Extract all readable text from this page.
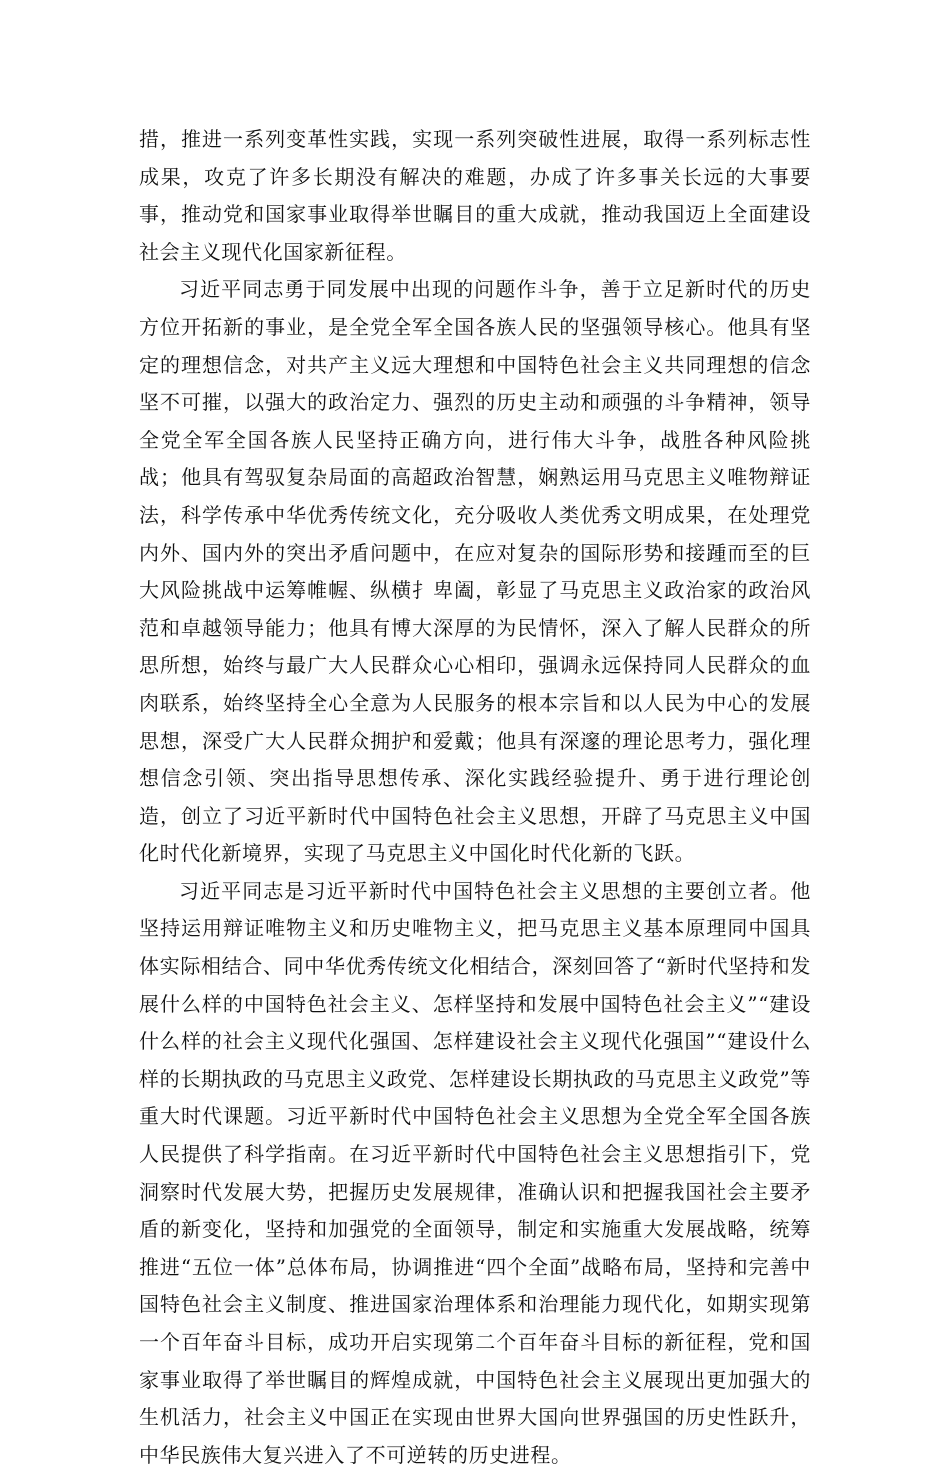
措，推进一系列变革性实践，实现一系列突破性进展，取得一系列标志性成果，攻克了许多长期没有解决的难题，办成了许多事关长远的大事要事，推动党和国家事业取得举世瞩目的重大成就，推动我国迈上全面建设社会主义现代化国家新征程。

习近平同志勇于同发展中出现的问题作斗争，善于立足新时代的历史方位开拓新的事业，是全党全军全国各族人民的坚强领导核心。他具有坚定的理想信念，对共产主义远大理想和中国特色社会主义共同理想的信念坚不可摧，以强大的政治定力、强烈的历史主动和顽强的斗争精神，领导全党全军全国各族人民坚持正确方向，进行伟大斗争，战胜各种风险挑战；他具有驾驭复杂局面的高超政治智慧，娴熟运用马克思主义唯物辩证法，科学传承中华优秀传统文化，充分吸收人类优秀文明成果，在处理党内外、国内外的突出矛盾问题中，在应对复杂的国际形势和接踵而至的巨大风险挑战中运筹帷幄、纵横扌卑阖，彰显了马克思主义政治家的政治风范和卓越领导能力；他具有博大深厚的为民情怀，深入了解人民群众的所思所想，始终与最广大人民群众心心相印，强调永远保持同人民群众的血肉联系，始终坚持全心全意为人民服务的根本宗旨和以人民为中心的发展思想，深受广大人民群众拥护和爱戴；他具有深邃的理论思考力，强化理想信念引领、突出指导思想传承、深化实践经验提升、勇于进行理论创造，创立了习近平新时代中国特色社会主义思想，开辟了马克思主义中国化时代化新境界，实现了马克思主义中国化时代化新的飞跃。

习近平同志是习近平新时代中国特色社会主义思想的主要创立者。他坚持运用辩证唯物主义和历史唯物主义，把马克思主义基本原理同中国具体实际相结合、同中华优秀传统文化相结合，深刻回答了“新时代坚持和发展什么样的中国特色社会主义、怎样坚持和发展中国特色社会主义”“建设什么样的社会主义现代化强国、怎样建设社会主义现代化强国”“建设什么样的长期执政的马克思主义政党、怎样建设长期执政的马克思主义政党”等重大时代课题。习近平新时代中国特色社会主义思想为全党全军全国各族人民提供了科学指南。在习近平新时代中国特色社会主义思想指引下，党洞察时代发展大势，把握历史发展规律，准确认识和把握我国社会主要矛盾的新变化，坚持和加强党的全面领导，制定和实施重大发展战略，统筹推进“五位一体”总体布局，协调推进“四个全面”战略布局，坚持和完善中国特色社会主义制度、推进国家治理体系和治理能力现代化，如期实现第一个百年奋斗目标，成功开启实现第二个百年奋斗目标的新征程，党和国家事业取得了举世瞩目的辉煌成就，中国特色社会主义展现出更加强大的生机活力，社会主义中国正在实现由世界大国向世界强国的历史性跃升，中华民族伟大复兴进入了不可逆转的历史进程。
